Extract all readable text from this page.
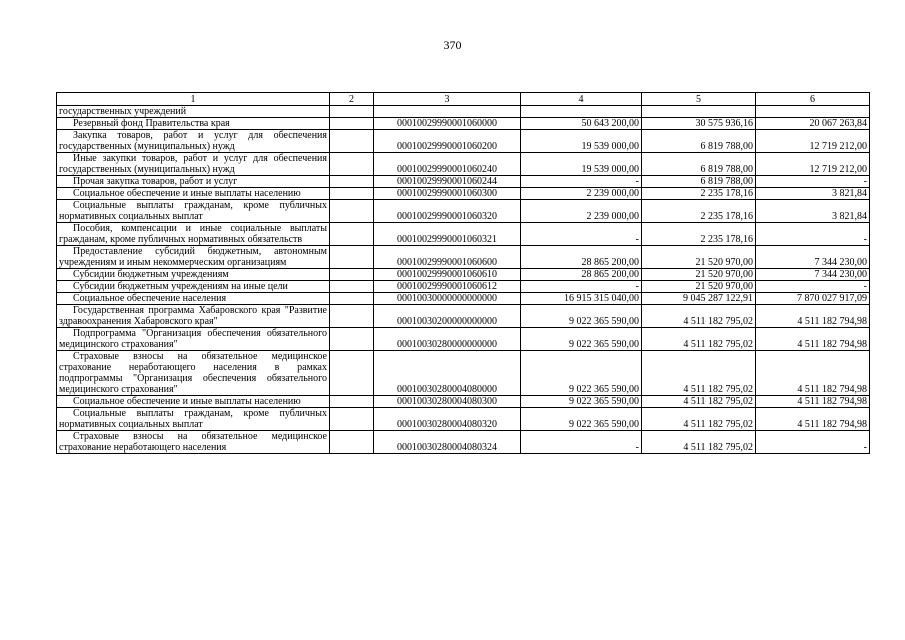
370
1	2	3	4	5	6
государственных учреждений					
Резервный фонд Правительства края		00010029990001060000	50 643 200,00	30 575 936,16	20 067 263,84
Закупка товаров, работ и услуг для обеспечения государственных (муниципальных) нужд		00010029990001060200	19 539 000,00	6 819 788,00	12 719 212,00
Иные закупки товаров, работ и услуг для обеспечения государственных (муниципальных) нужд		00010029990001060240	19 539 000,00	6 819 788,00	12 719 212,00
Прочая закупка товаров, работ и услуг		00010029990001060244	-	6 819 788,00	-
Социальное обеспечение и иные выплаты населению		00010029990001060300	2 239 000,00	2 235 178,16	3 821,84
Социальные выплаты гражданам, кроме публичных нормативных социальных выплат		00010029990001060320	2 239 000,00	2 235 178,16	3 821,84
Пособия, компенсации и иные социальные выплаты гражданам, кроме публичных нормативных обязательств		00010029990001060321	-	2 235 178,16	-
Предоставление субсидий бюджетным, автономным учреждениям и иным некоммерческим организациям		00010029990001060600	28 865 200,00	21 520 970,00	7 344 230,00
Субсидии бюджетным учреждениям		00010029990001060610	28 865 200,00	21 520 970,00	7 344 230,00
Субсидии бюджетным учреждениям на иные цели		00010029990001060612	-	21 520 970,00	-
Социальное обеспечение населения		00010030000000000000	16 915 315 040,00	9 045 287 122,91	7 870 027 917,09
Государственная программа Хабаровского края "Развитие здравоохранения Хабаровского края"		00010030200000000000	9 022 365 590,00	4 511 182 795,02	4 511 182 794,98
Подпрограмма "Организация обеспечения обязательного медицинского страхования"		00010030280000000000	9 022 365 590,00	4 511 182 795,02	4 511 182 794,98
Страховые взносы на обязательное медицинское страхование неработающего населения в рамках подпрограммы "Организация обеспечения обязательного медицинского страхования"		00010030280004080000	9 022 365 590,00	4 511 182 795,02	4 511 182 794,98
Социальное обеспечение и иные выплаты населению		00010030280004080300	9 022 365 590,00	4 511 182 795,02	4 511 182 794,98
Социальные выплаты гражданам, кроме публичных нормативных социальных выплат		00010030280004080320	9 022 365 590,00	4 511 182 795,02	4 511 182 794,98
Страховые взносы на обязательное медицинское страхование неработающего населения		00010030280004080324	-	4 511 182 795,02	-
